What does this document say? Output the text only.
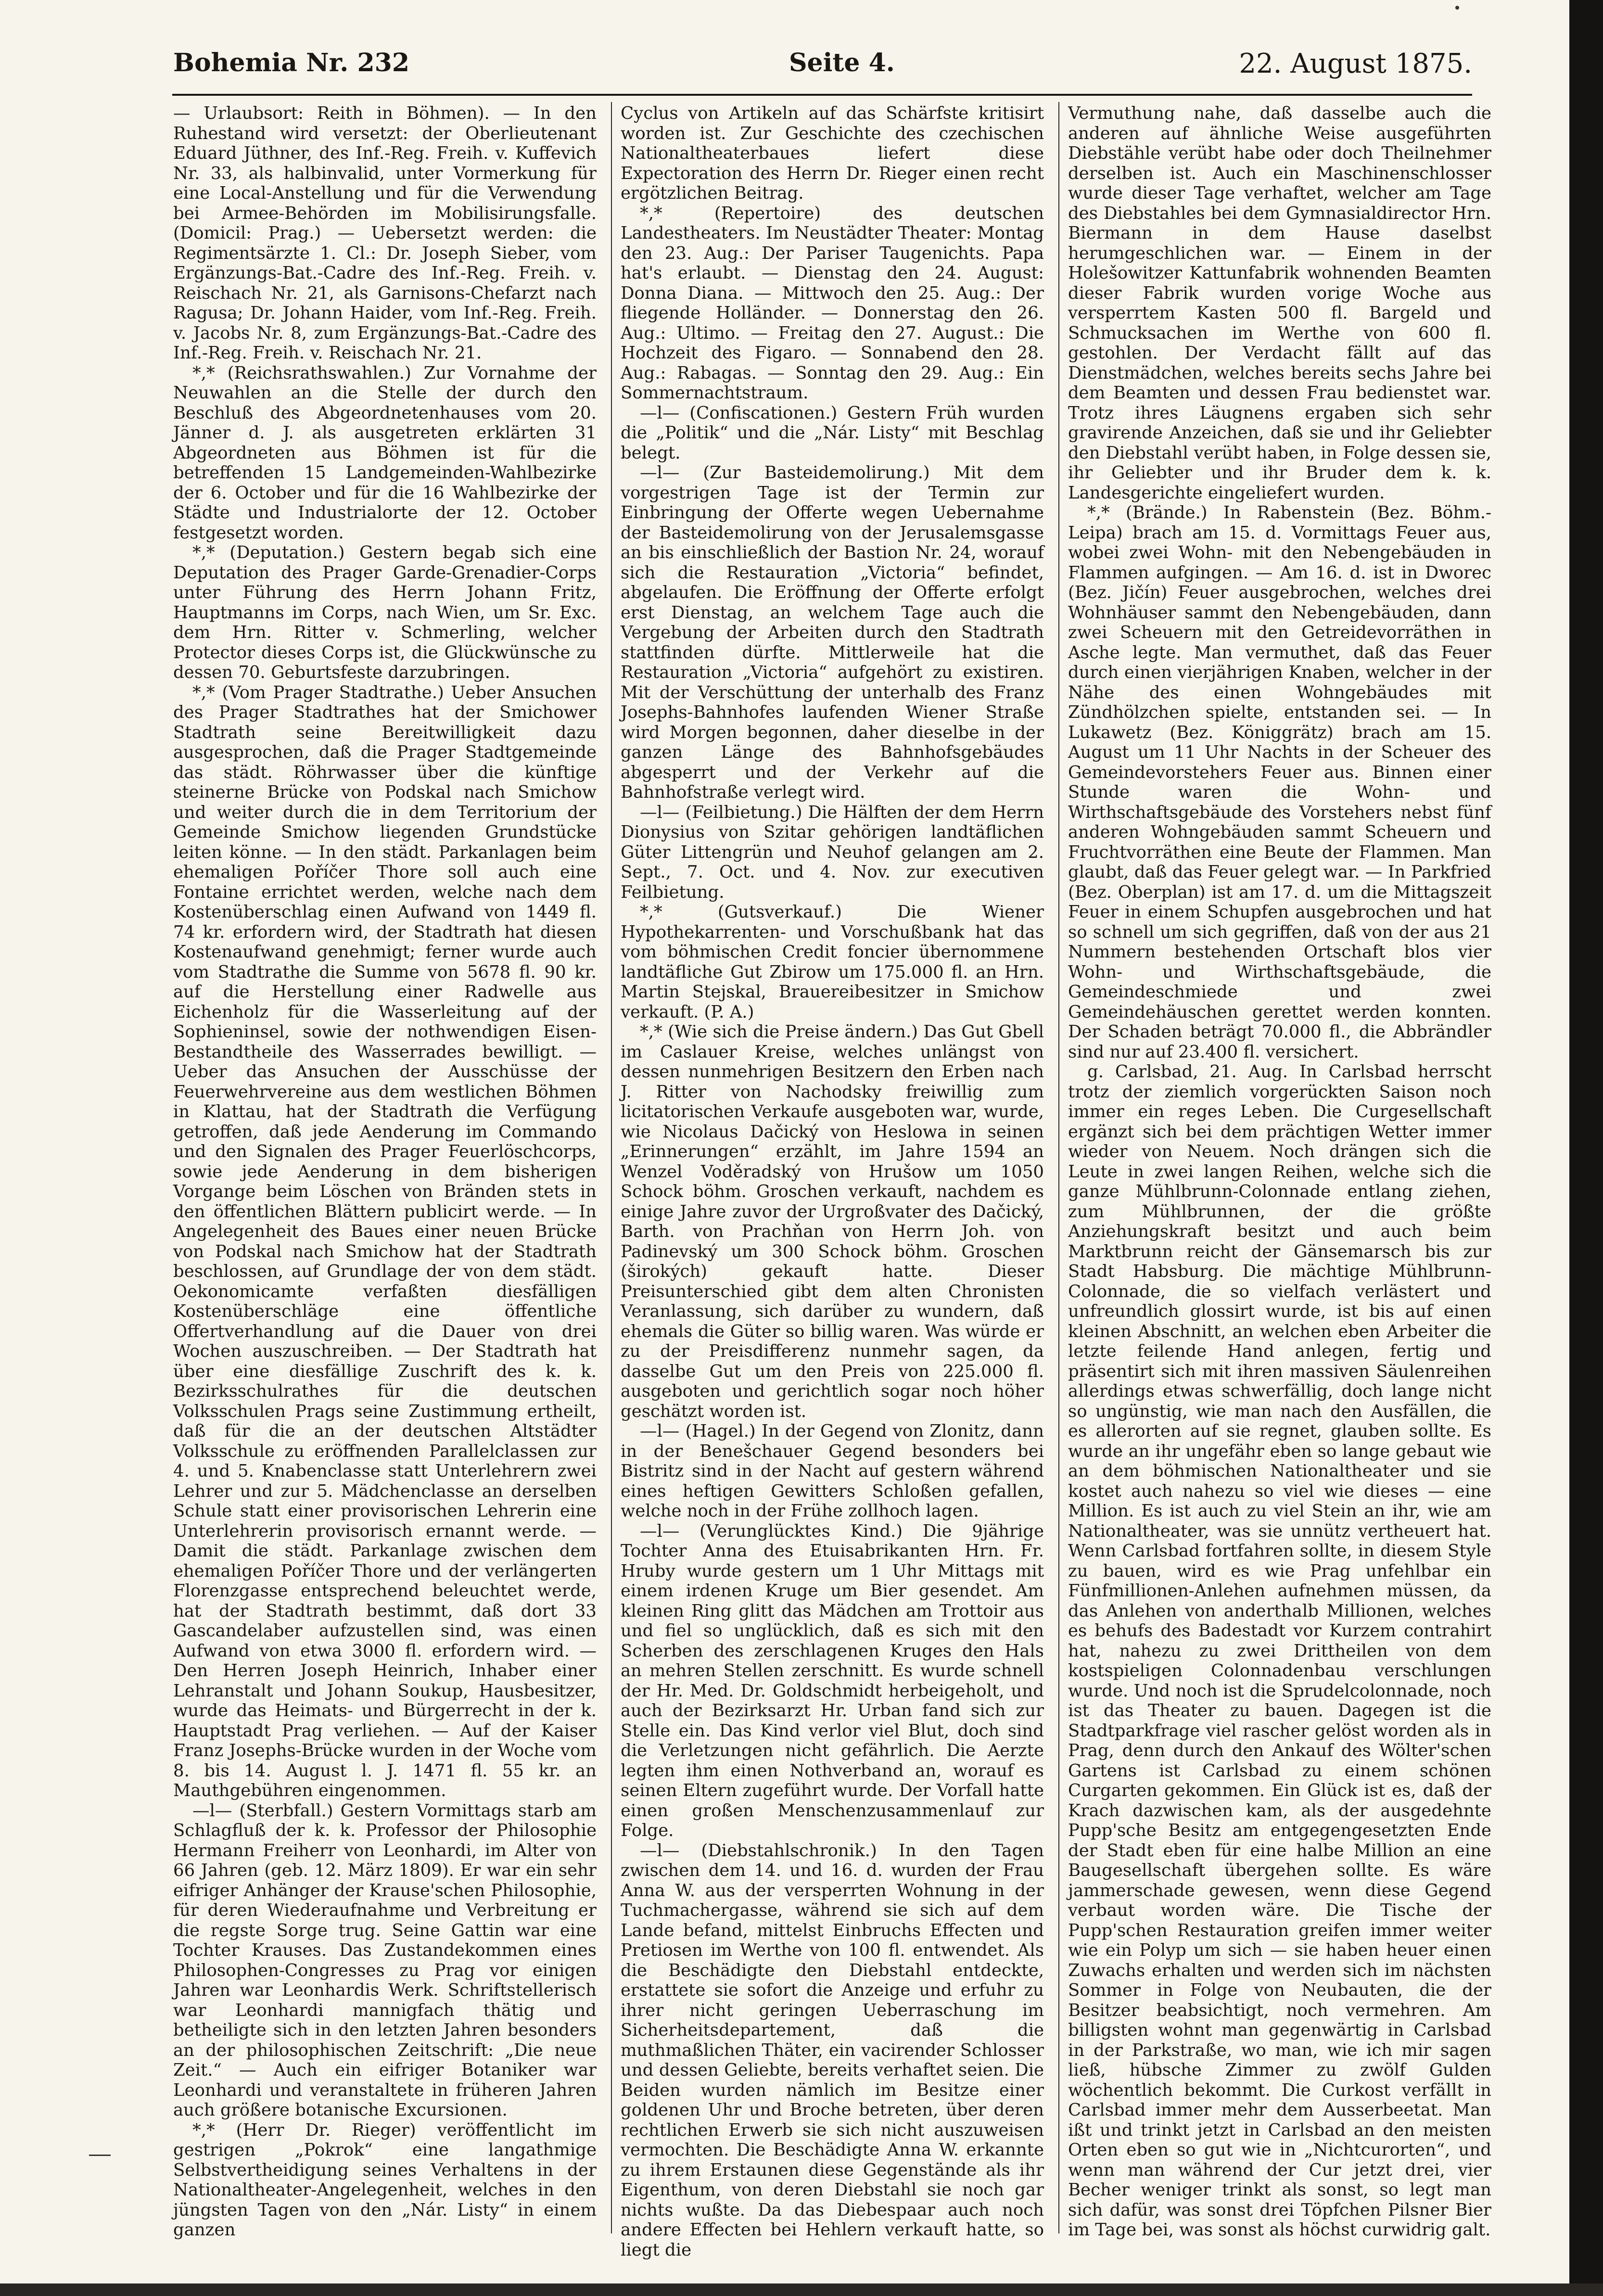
Bohemia Nr. 232	Seite 4.	22. August 1875.

— Urlaubsort: Reith in Böhmen). — In den Ruhestand wird versetzt: der Oberlieutenant Eduard Jüthner, des Inf.-Reg. Freih. v. Kuffevich Nr. 33, als halbinvalid, unter Vormerkung für eine Local-Anstellung und für die Verwendung bei Armee-Behörden im Mobilisirungsfalle. (Domicil: Prag.) — Uebersetzt werden: die Regimentsärzte 1. Cl.: Dr. Joseph Sieber, vom Ergänzungs-Bat.-Cadre des Inf.-Reg. Freih. v. Reischach Nr. 21, als Garnisons-Chefarzt nach Ragusa; Dr. Johann Haider, vom Inf.-Reg. Freih. v. Jacobs Nr. 8, zum Ergänzungs-Bat.-Cadre des Inf.-Reg. Freih. v. Reischach Nr. 21.

*,* (Reichsrathswahlen.) Zur Vornahme der Neuwahlen an die Stelle der durch den Beschluß des Abgeordnetenhauses vom 20. Jänner d. J. als ausgetreten erklärten 31 Abgeordneten aus Böhmen ist für die betreffenden 15 Landgemeinden-Wahlbezirke der 6. October und für die 16 Wahlbezirke der Städte und Industrialorte der 12. October festgesetzt worden.

*,* (Deputation.) Gestern begab sich eine Deputation des Prager Garde-Grenadier-Corps unter Führung des Herrn Johann Fritz, Hauptmanns im Corps, nach Wien, um Sr. Exc. dem Hrn. Ritter v. Schmerling, welcher Protector dieses Corps ist, die Glückwünsche zu dessen 70. Geburtsfeste darzubringen.

*,* (Vom Prager Stadtrathe.) Ueber Ansuchen des Prager Stadtrathes hat der Smichower Stadtrath seine Bereitwilligkeit dazu ausgesprochen, daß die Prager Stadtgemeinde das städt. Röhrwasser über die künftige steinerne Brücke von Podskal nach Smichow und weiter durch die in dem Territorium der Gemeinde Smichow liegenden Grundstücke leiten könne. — In den städt. Parkanlagen beim ehemaligen Poříčer Thore soll auch eine Fontaine errichtet werden, welche nach dem Kostenüberschlag einen Aufwand von 1449 fl. 74 kr. erfordern wird, der Stadtrath hat diesen Kostenaufwand genehmigt; ferner wurde auch vom Stadtrathe die Summe von 5678 fl. 90 kr. auf die Herstellung einer Radwelle aus Eichenholz für die Wasserleitung auf der Sophieninsel, sowie der nothwendigen Eisen-Bestandtheile des Wasserrades bewilligt. — Ueber das Ansuchen der Ausschüsse der Feuerwehrvereine aus dem westlichen Böhmen in Klattau, hat der Stadtrath die Verfügung getroffen, daß jede Aenderung im Commando und den Signalen des Prager Feuerlöschcorps, sowie jede Aenderung in dem bisherigen Vorgange beim Löschen von Bränden stets in den öffentlichen Blättern publicirt werde. — In Angelegenheit des Baues einer neuen Brücke von Podskal nach Smichow hat der Stadtrath beschlossen, auf Grundlage der von dem städt. Oekonomicamte verfaßten diesfälligen Kostenüberschläge eine öffentliche Offertverhandlung auf die Dauer von drei Wochen auszuschreiben. — Der Stadtrath hat über eine diesfällige Zuschrift des k. k. Bezirksschulrathes für die deutschen Volksschulen Prags seine Zustimmung ertheilt, daß für die an der deutschen Altstädter Volksschule zu eröffnenden Parallelclassen zur 4. und 5. Knabenclasse statt Unterlehrern zwei Lehrer und zur 5. Mädchenclasse an derselben Schule statt einer provisorischen Lehrerin eine Unterlehrerin provisorisch ernannt werde. — Damit die städt. Parkanlage zwischen dem ehemaligen Poříčer Thore und der verlängerten Florenzgasse entsprechend beleuchtet werde, hat der Stadtrath bestimmt, daß dort 33 Gascandelaber aufzustellen sind, was einen Aufwand von etwa 3000 fl. erfordern wird. — Den Herren Joseph Heinrich, Inhaber einer Lehranstalt und Johann Soukup, Hausbesitzer, wurde das Heimats- und Bürgerrecht in der k. Hauptstadt Prag verliehen. — Auf der Kaiser Franz Josephs-Brücke wurden in der Woche vom 8. bis 14. August l. J. 1471 fl. 55 kr. an Mauthgebühren eingenommen.

—l— (Sterbfall.) Gestern Vormittags starb am Schlagfluß der k. k. Professor der Philosophie Hermann Freiherr von Leonhardi, im Alter von 66 Jahren (geb. 12. März 1809). Er war ein sehr eifriger Anhänger der Krause'schen Philosophie, für deren Wiederaufnahme und Verbreitung er die regste Sorge trug. Seine Gattin war eine Tochter Krauses. Das Zustandekommen eines Philosophen-Congresses zu Prag vor einigen Jahren war Leonhardis Werk. Schriftstellerisch war Leonhardi mannigfach thätig und betheiligte sich in den letzten Jahren besonders an der philosophischen Zeitschrift: „Die neue Zeit.“ — Auch ein eifriger Botaniker war Leonhardi und veranstaltete in früheren Jahren auch größere botanische Excursionen.

*,* (Herr Dr. Rieger) veröffentlicht im gestrigen „Pokrok“ eine langathmige Selbstvertheidigung seines Verhaltens in der Nationaltheater-Angelegenheit, welches in den jüngsten Tagen von den „Nár. Listy“ in einem ganzen

Cyclus von Artikeln auf das Schärfste kritisirt worden ist. Zur Geschichte des czechischen Nationaltheaterbaues liefert diese Expectoration des Herrn Dr. Rieger einen recht ergötzlichen Beitrag.

*,* (Repertoire) des deutschen Landestheaters. Im Neustädter Theater: Montag den 23. Aug.: Der Pariser Taugenichts. Papa hat's erlaubt. — Dienstag den 24. August: Donna Diana. — Mittwoch den 25. Aug.: Der fliegende Holländer. — Donnerstag den 26. Aug.: Ultimo. — Freitag den 27. August.: Die Hochzeit des Figaro. — Sonnabend den 28. Aug.: Rabagas. — Sonntag den 29. Aug.: Ein Sommernachtstraum.

—l— (Confiscationen.) Gestern Früh wurden die „Politik“ und die „Nár. Listy“ mit Beschlag belegt.

—l— (Zur Basteidemolirung.) Mit dem vorgestrigen Tage ist der Termin zur Einbringung der Offerte wegen Uebernahme der Basteidemolirung von der Jerusalemsgasse an bis einschließlich der Bastion Nr. 24, worauf sich die Restauration „Victoria“ befindet, abgelaufen. Die Eröffnung der Offerte erfolgt erst Dienstag, an welchem Tage auch die Vergebung der Arbeiten durch den Stadtrath stattfinden dürfte. Mittlerweile hat die Restauration „Victoria“ aufgehört zu existiren. Mit der Verschüttung der unterhalb des Franz Josephs-Bahnhofes laufenden Wiener Straße wird Morgen begonnen, daher dieselbe in der ganzen Länge des Bahnhofsgebäudes abgesperrt und der Verkehr auf die Bahnhofstraße verlegt wird.

—l— (Feilbietung.) Die Hälften der dem Herrn Dionysius von Szitar gehörigen landtäflichen Güter Littengrün und Neuhof gelangen am 2. Sept., 7. Oct. und 4. Nov. zur executiven Feilbietung.

*,* (Gutsverkauf.) Die Wiener Hypothekarrenten- und Vorschußbank hat das vom böhmischen Credit foncier übernommene landtäfliche Gut Zbirow um 175.000 fl. an Hrn. Martin Stejskal, Brauereibesitzer in Smichow verkauft. (P. A.)

*,* (Wie sich die Preise ändern.) Das Gut Gbell im Caslauer Kreise, welches unlängst von dessen nunmehrigen Besitzern den Erben nach J. Ritter von Nachodsky freiwillig zum licitatorischen Verkaufe ausgeboten war, wurde, wie Nicolaus Dačický von Heslowa in seinen „Erinnerungen“ erzählt, im Jahre 1594 an Wenzel Voděradský von Hrušow um 1050 Schock böhm. Groschen verkauft, nachdem es einige Jahre zuvor der Urgroßvater des Dačický, Barth. von Prachňan von Herrn Joh. von Padinevský um 300 Schock böhm. Groschen (širokých) gekauft hatte. Dieser Preisunterschied gibt dem alten Chronisten Veranlassung, sich darüber zu wundern, daß ehemals die Güter so billig waren. Was würde er zu der Preisdifferenz nunmehr sagen, da dasselbe Gut um den Preis von 225.000 fl. ausgeboten und gerichtlich sogar noch höher geschätzt worden ist.

—l— (Hagel.) In der Gegend von Zlonitz, dann in der Benešchauer Gegend besonders bei Bistritz sind in der Nacht auf gestern während eines heftigen Gewitters Schloßen gefallen, welche noch in der Frühe zollhoch lagen.

—l— (Verunglücktes Kind.) Die 9jährige Tochter Anna des Etuisabrikanten Hrn. Fr. Hruby wurde gestern um 1 Uhr Mittags mit einem irdenen Kruge um Bier gesendet. Am kleinen Ring glitt das Mädchen am Trottoir aus und fiel so unglücklich, daß es sich mit den Scherben des zerschlagenen Kruges den Hals an mehren Stellen zerschnitt. Es wurde schnell der Hr. Med. Dr. Goldschmidt herbeigeholt, und auch der Bezirksarzt Hr. Urban fand sich zur Stelle ein. Das Kind verlor viel Blut, doch sind die Verletzungen nicht gefährlich. Die Aerzte legten ihm einen Nothverband an, worauf es seinen Eltern zugeführt wurde. Der Vorfall hatte einen großen Menschenzusammenlauf zur Folge.

—l— (Diebstahlschronik.) In den Tagen zwischen dem 14. und 16. d. wurden der Frau Anna W. aus der versperrten Wohnung in der Tuchmachergasse, während sie sich auf dem Lande befand, mittelst Einbruchs Effecten und Pretiosen im Werthe von 100 fl. entwendet. Als die Beschädigte den Diebstahl entdeckte, erstattete sie sofort die Anzeige und erfuhr zu ihrer nicht geringen Ueberraschung im Sicherheitsdepartement, daß die muthmaßlichen Thäter, ein vacirender Schlosser und dessen Geliebte, bereits verhaftet seien. Die Beiden wurden nämlich im Besitze einer goldenen Uhr und Broche betreten, über deren rechtlichen Erwerb sie sich nicht auszuweisen vermochten. Die Beschädigte Anna W. erkannte zu ihrem Erstaunen diese Gegenstände als ihr Eigenthum, von deren Diebstahl sie noch gar nichts wußte. Da das Diebespaar auch noch andere Effecten bei Hehlern verkauft hatte, so liegt die

Vermuthung nahe, daß dasselbe auch die anderen auf ähnliche Weise ausgeführten Diebstähle verübt habe oder doch Theilnehmer derselben ist. Auch ein Maschinenschlosser wurde dieser Tage verhaftet, welcher am Tage des Diebstahles bei dem Gymnasialdirector Hrn. Biermann in dem Hause daselbst herumgeschlichen war. — Einem in der Holešowitzer Kattunfabrik wohnenden Beamten dieser Fabrik wurden vorige Woche aus versperrtem Kasten 500 fl. Bargeld und Schmucksachen im Werthe von 600 fl. gestohlen. Der Verdacht fällt auf das Dienstmädchen, welches bereits sechs Jahre bei dem Beamten und dessen Frau bedienstet war. Trotz ihres Läugnens ergaben sich sehr gravirende Anzeichen, daß sie und ihr Geliebter den Diebstahl verübt haben, in Folge dessen sie, ihr Geliebter und ihr Bruder dem k. k. Landesgerichte eingeliefert wurden.

*,* (Brände.) In Rabenstein (Bez. Böhm.-Leipa) brach am 15. d. Vormittags Feuer aus, wobei zwei Wohn- mit den Nebengebäuden in Flammen aufgingen. — Am 16. d. ist in Dworec (Bez. Jičín) Feuer ausgebrochen, welches drei Wohnhäuser sammt den Nebengebäuden, dann zwei Scheuern mit den Getreidevorräthen in Asche legte. Man vermuthet, daß das Feuer durch einen vierjährigen Knaben, welcher in der Nähe des einen Wohngebäudes mit Zündhölzchen spielte, entstanden sei. — In Lukawetz (Bez. Königgrätz) brach am 15. August um 11 Uhr Nachts in der Scheuer des Gemeindevorstehers Feuer aus. Binnen einer Stunde waren die Wohn- und Wirthschaftsgebäude des Vorstehers nebst fünf anderen Wohngebäuden sammt Scheuern und Fruchtvorräthen eine Beute der Flammen. Man glaubt, daß das Feuer gelegt war. — In Parkfried (Bez. Oberplan) ist am 17. d. um die Mittagszeit Feuer in einem Schupfen ausgebrochen und hat so schnell um sich gegriffen, daß von der aus 21 Nummern bestehenden Ortschaft blos vier Wohn- und Wirthschaftsgebäude, die Gemeindeschmiede und zwei Gemeindehäuschen gerettet werden konnten. Der Schaden beträgt 70.000 fl., die Abbrändler sind nur auf 23.400 fl. versichert.

g. Carlsbad, 21. Aug. In Carlsbad herrscht trotz der ziemlich vorgerückten Saison noch immer ein reges Leben. Die Curgesellschaft ergänzt sich bei dem prächtigen Wetter immer wieder von Neuem. Noch drängen sich die Leute in zwei langen Reihen, welche sich die ganze Mühlbrunn-Colonnade entlang ziehen, zum Mühlbrunnen, der die größte Anziehungskraft besitzt und auch beim Marktbrunn reicht der Gänsemarsch bis zur Stadt Habsburg. Die mächtige Mühlbrunn-Colonnade, die so vielfach verlästert und unfreundlich glossirt wurde, ist bis auf einen kleinen Abschnitt, an welchen eben Arbeiter die letzte feilende Hand anlegen, fertig und präsentirt sich mit ihren massiven Säulenreihen allerdings etwas schwerfällig, doch lange nicht so ungünstig, wie man nach den Ausfällen, die es allerorten auf sie regnet, glauben sollte. Es wurde an ihr ungefähr eben so lange gebaut wie an dem böhmischen Nationaltheater und sie kostet auch nahezu so viel wie dieses — eine Million. Es ist auch zu viel Stein an ihr, wie am Nationaltheater, was sie unnütz vertheuert hat. Wenn Carlsbad fortfahren sollte, in diesem Style zu bauen, wird es wie Prag unfehlbar ein Fünfmillionen-Anlehen aufnehmen müssen, da das Anlehen von anderthalb Millionen, welches es behufs des Badestadt vor Kurzem contrahirt hat, nahezu zu zwei Drittheilen von dem kostspieligen Colonnadenbau verschlungen wurde. Und noch ist die Sprudelcolonnade, noch ist das Theater zu bauen. Dagegen ist die Stadtparkfrage viel rascher gelöst worden als in Prag, denn durch den Ankauf des Wölter'schen Gartens ist Carlsbad zu einem schönen Curgarten gekommen. Ein Glück ist es, daß der Krach dazwischen kam, als der ausgedehnte Pupp'sche Besitz am entgegengesetzten Ende der Stadt eben für eine halbe Million an eine Baugesellschaft übergehen sollte. Es wäre jammerschade gewesen, wenn diese Gegend verbaut worden wäre. Die Tische der Pupp'schen Restauration greifen immer weiter wie ein Polyp um sich — sie haben heuer einen Zuwachs erhalten und werden sich im nächsten Sommer in Folge von Neubauten, die der Besitzer beabsichtigt, noch vermehren. Am billigsten wohnt man gegenwärtig in Carlsbad in der Parkstraße, wo man, wie ich mir sagen ließ, hübsche Zimmer zu zwölf Gulden wöchentlich bekommt. Die Curkost verfällt in Carlsbad immer mehr dem Ausserbeetat. Man ißt und trinkt jetzt in Carlsbad an den meisten Orten eben so gut wie in „Nichtcurorten“, und wenn man während der Cur jetzt drei, vier Becher weniger trinkt als sonst, so legt man sich dafür, was sonst drei Töpfchen Pilsner Bier im Tage bei, was sonst als höchst curwidrig galt.
